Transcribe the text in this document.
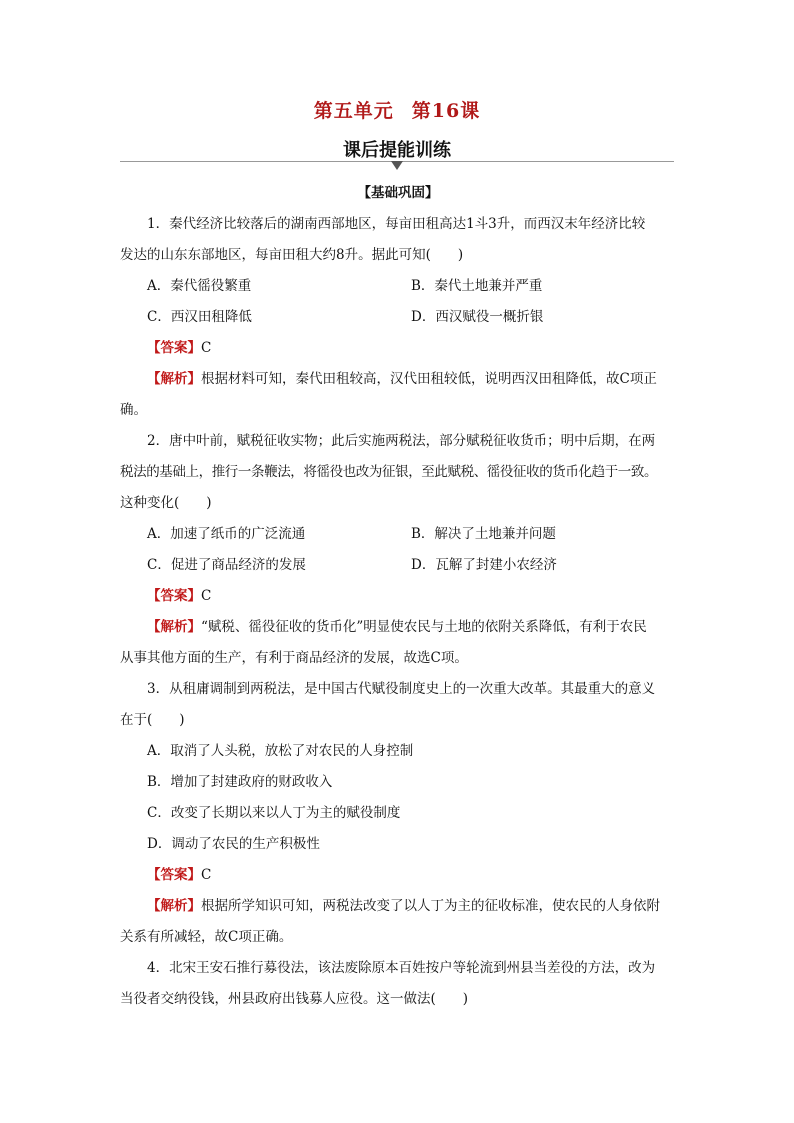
第五单元 第16课
课后提能训练
【基础巩固】

1．秦代经济比较落后的湖南西部地区，每亩田租高达1斗3升，而西汉末年经济比较

发达的山东东部地区，每亩田租大约8升。据此可知(　　)

A．秦代徭役繁重	B．秦代土地兼并严重
C．西汉田租降低	D．西汉赋役一概折银
【答案】C
【解析】根据材料可知，秦代田租较高，汉代田租较低，说明西汉田租降低，故C项正

确。

2．唐中叶前，赋税征收实物；此后实施两税法，部分赋税征收货币；明中后期，在两

税法的基础上，推行一条鞭法，将徭役也改为征银，至此赋税、徭役征收的货币化趋于一致。

这种变化(　　)

A．加速了纸币的广泛流通	B．解决了土地兼并问题
C．促进了商品经济的发展	D．瓦解了封建小农经济
【答案】C
【解析】“赋税、徭役征收的货币化”明显使农民与土地的依附关系降低，有利于农民

从事其他方面的生产，有利于商品经济的发展，故选C项。

3．从租庸调制到两税法，是中国古代赋役制度史上的一次重大改革。其最重大的意义

在于(　　)

A．取消了人头税，放松了对农民的人身控制
B．增加了封建政府的财政收入
C．改变了长期以来以人丁为主的赋役制度
D．调动了农民的生产积极性
【答案】C
【解析】根据所学知识可知，两税法改变了以人丁为主的征收标准，使农民的人身依附

关系有所减轻，故C项正确。

4．北宋王安石推行募役法，该法废除原本百姓按户等轮流到州县当差役的方法，改为

当役者交纳役钱，州县政府出钱募人应役。这一做法(　　)
